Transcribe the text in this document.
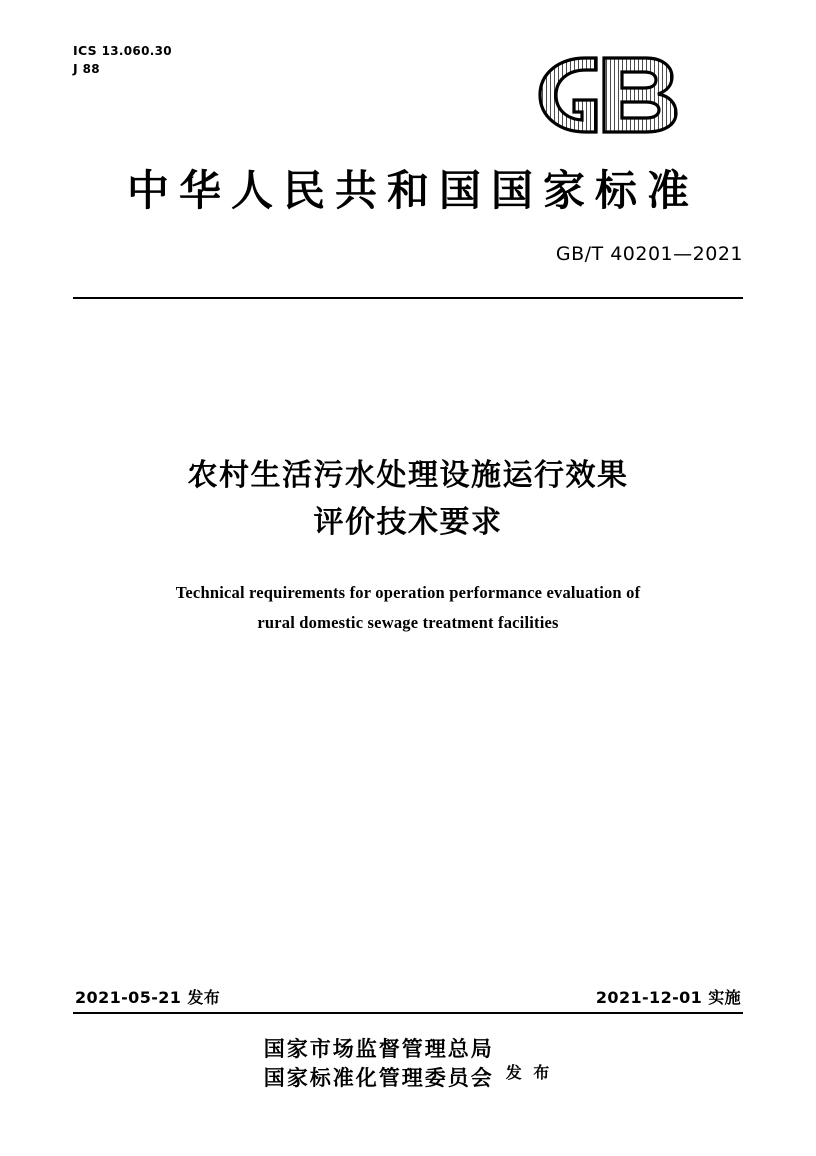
ICS 13.060.30
J 88
中华人民共和国国家标准
GB/T 40201—2021
农村生活污水处理设施运行效果
评价技术要求
Technical requirements for operation performance evaluation of
rural domestic sewage treatment facilities
2021-05-21 发布	2021-12-01 实施
国家市场监督管理总局
国家标准化管理委员会 发 布
